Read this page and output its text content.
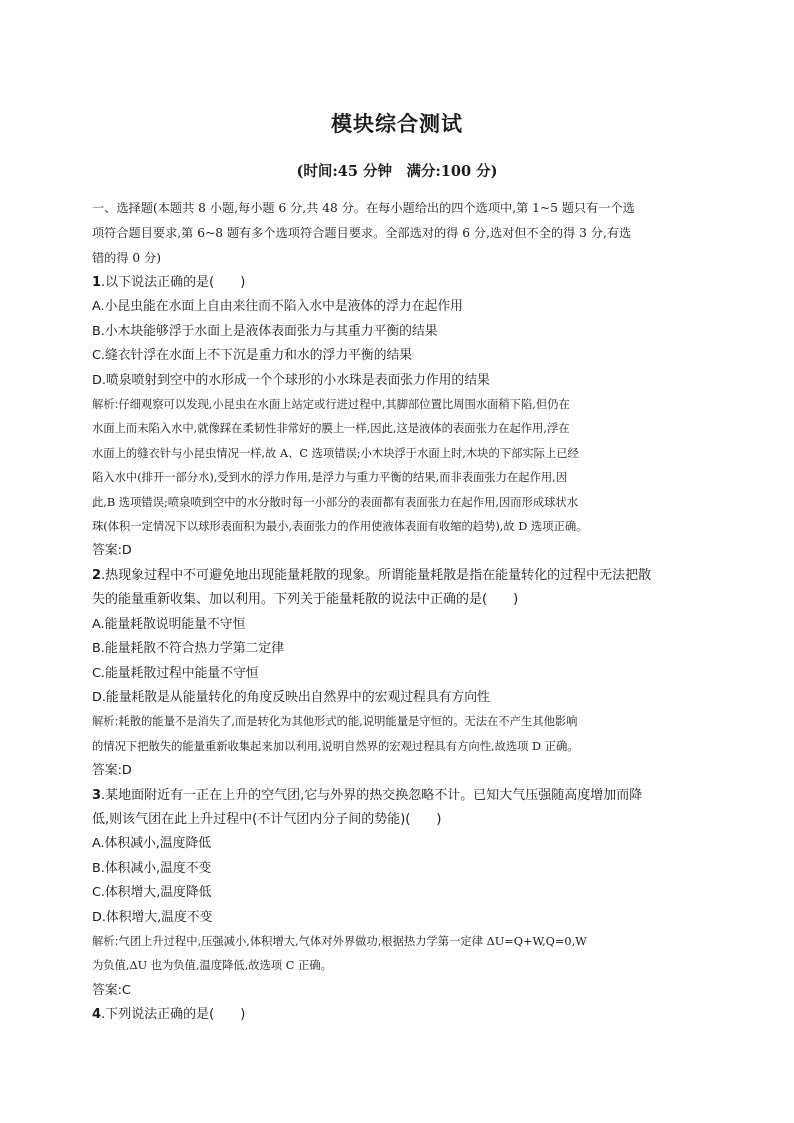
模块综合测试
(时间:45 分钟　满分:100 分)
一、选择题(本题共 8 小题,每小题 6 分,共 48 分。在每小题给出的四个选项中,第 1~5 题只有一个选
项符合题目要求,第 6~8 题有多个选项符合题目要求。全部选对的得 6 分,选对但不全的得 3 分,有选
错的得 0 分)
1.以下说法正确的是(　　)
A.小昆虫能在水面上自由来往而不陷入水中是液体的浮力在起作用
B.小木块能够浮于水面上是液体表面张力与其重力平衡的结果
C.缝衣针浮在水面上不下沉是重力和水的浮力平衡的结果
D.喷泉喷射到空中的水形成一个个球形的小水珠是表面张力作用的结果
解析:仔细观察可以发现,小昆虫在水面上站定或行进过程中,其脚部位置比周围水面稍下陷,但仍在
水面上而未陷入水中,就像踩在柔韧性非常好的膜上一样,因此,这是液体的表面张力在起作用,浮在
水面上的缝衣针与小昆虫情况一样,故 A、C 选项错误;小木块浮于水面上时,木块的下部实际上已经
陷入水中(排开一部分水),受到水的浮力作用,是浮力与重力平衡的结果,而非表面张力在起作用,因
此,B 选项错误;喷泉喷到空中的水分散时每一小部分的表面都有表面张力在起作用,因而形成球状水
珠(体积一定情况下以球形表面积为最小,表面张力的作用使液体表面有收缩的趋势),故 D 选项正确。
答案:D
2.热现象过程中不可避免地出现能量耗散的现象。所谓能量耗散是指在能量转化的过程中无法把散
失的能量重新收集、加以利用。下列关于能量耗散的说法中正确的是(　　)
A.能量耗散说明能量不守恒
B.能量耗散不符合热力学第二定律
C.能量耗散过程中能量不守恒
D.能量耗散是从能量转化的角度反映出自然界中的宏观过程具有方向性
解析:耗散的能量不是消失了,而是转化为其他形式的能,说明能量是守恒的。无法在不产生其他影响
的情况下把散失的能量重新收集起来加以利用,说明自然界的宏观过程具有方向性,故选项 D 正确。
答案:D
3.某地面附近有一正在上升的空气团,它与外界的热交换忽略不计。已知大气压强随高度增加而降
低,则该气团在此上升过程中(不计气团内分子间的势能)(　　)
A.体积减小,温度降低
B.体积减小,温度不变
C.体积增大,温度降低
D.体积增大,温度不变
解析:气团上升过程中,压强减小,体积增大,气体对外界做功,根据热力学第一定律 ΔU=Q+W,Q=0,W
为负值,ΔU 也为负值,温度降低,故选项 C 正确。
答案:C
4.下列说法正确的是(　　)
